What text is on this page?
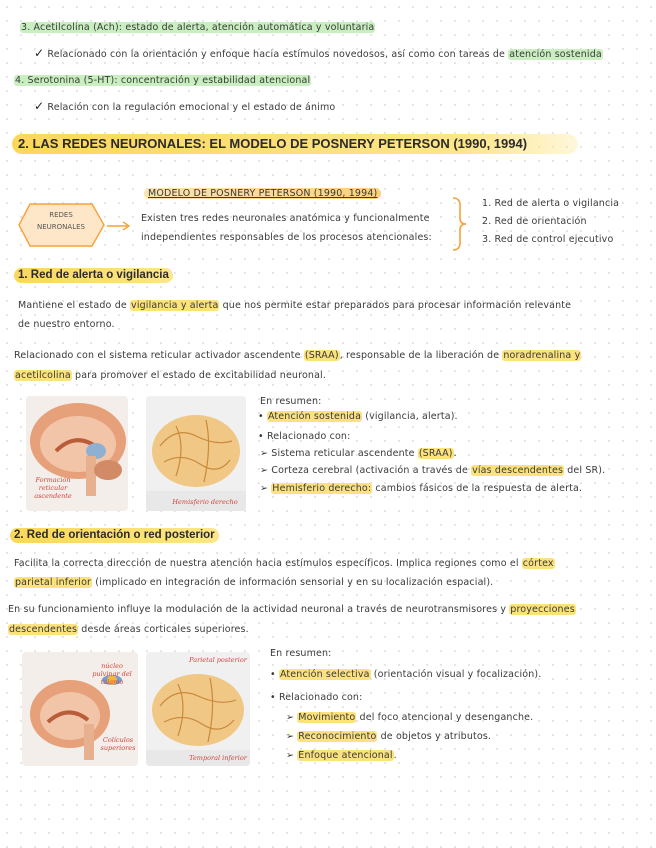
3. Acetilcolina (Ach): estado de alerta, atención automática y voluntaria
✓ Relacionado con la orientación y enfoque hacia estímulos novedosos, así como con tareas de atención sostenida
4. Serotonina (5-HT): concentración y estabilidad atencional
✓ Relación con la regulación emocional y el estado de ánimo
2. LAS REDES NEURONALES: EL MODELO DE POSNERY PETERSON (1990, 1994)
REDES
NEURONALES
MODELO DE POSNERY PETERSON (1990, 1994)
Existen tres redes neuronales anatómica y funcionalmente
independientes responsables de los procesos atencionales:
1. Red de alerta o vigilancia
2. Red de orientación
3. Red de control ejecutivo
1. Red de alerta o vigilancia
Mantiene el estado de vigilancia y alerta que nos permite estar preparados para procesar información relevante
de nuestro entorno.
Relacionado con el sistema reticular activador ascendente (SRAA), responsable de la liberación de noradrenalina y
acetilcolina para promover el estado de excitabilidad neuronal.
Formación reticular ascendente
Hemisferio derecho
En resumen:
• Atención sostenida (vigilancia, alerta).
• Relacionado con:
➢ Sistema reticular ascendente (SRAA).
➢ Corteza cerebral (activación a través de vías descendentes del SR).
➢ Hemisferio derecho: cambios fásicos de la respuesta de alerta.
2. Red de orientación o red posterior
Facilita la correcta dirección de nuestra atención hacia estímulos específicos. Implica regiones como el córtex
parietal inferior (implicado en integración de información sensorial y en su localización espacial).
En su funcionamiento influye la modulación de la actividad neuronal a través de neurotransmisores y proyecciones
descendentes desde áreas corticales superiores.
núcleo pulvinar del tálamo
Colículos superiores
Parietal posterior
Temporal inferior
En resumen:
• Atención selectiva (orientación visual y focalización).
• Relacionado con:
➢ Movimiento del foco atencional y desenganche.
➢ Reconocimiento de objetos y atributos.
➢ Enfoque atencional.
